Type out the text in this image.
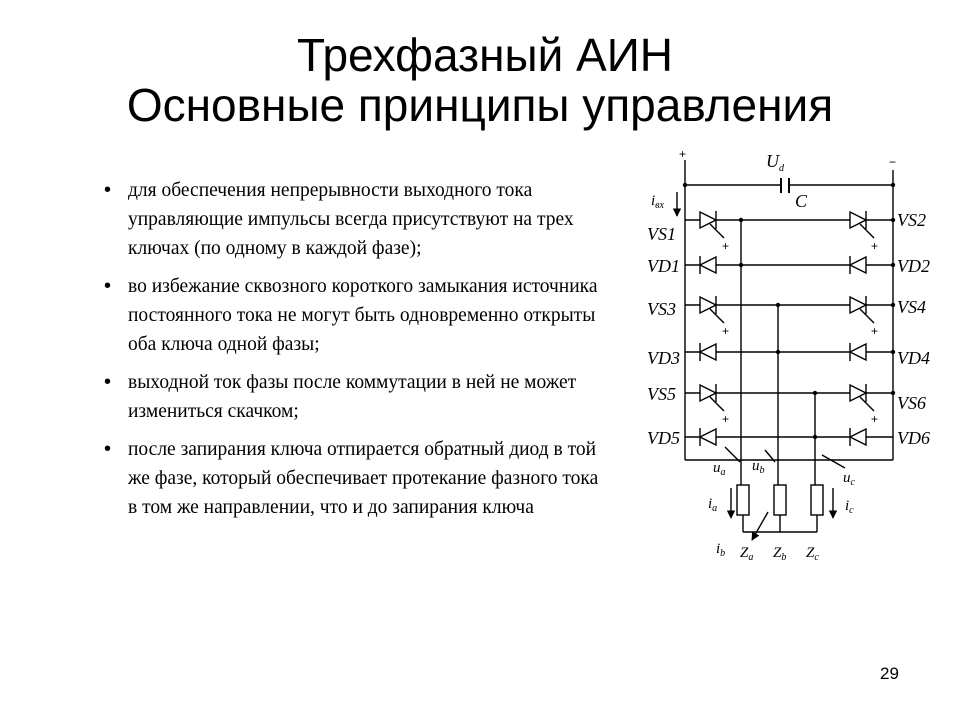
Трехфазный АИН
Основные принципы управления
• для обеспечения непрерывности выходного тока управляющие импульсы всегда присутствуют на трех ключах (по одному в каждой фазе);
• во избежание сквозного короткого замыкания источника постоянного тока не могут быть одновременно открыты оба ключа одной фазы;
• выходной ток фазы после коммутации в ней не может измениться скачком;
• после запирания ключа отпирается обратный диод в той же фазе, который обеспечивает протекание фазного тока в том же направлении, что и до запирания ключа
+
+
+
+
+
+
+
−
$U_d$
C
$i_{вх}$
VS1
VD1
VS3
VD3
VS5
VD5
VS2
VD2
VS4
VD4
VS6
VD6
$u_a$ $u_b$	$u_c$
$i_a$	$i_c$
$i_b$ $Z_a$ $Z_b$ $Z_c$
29
